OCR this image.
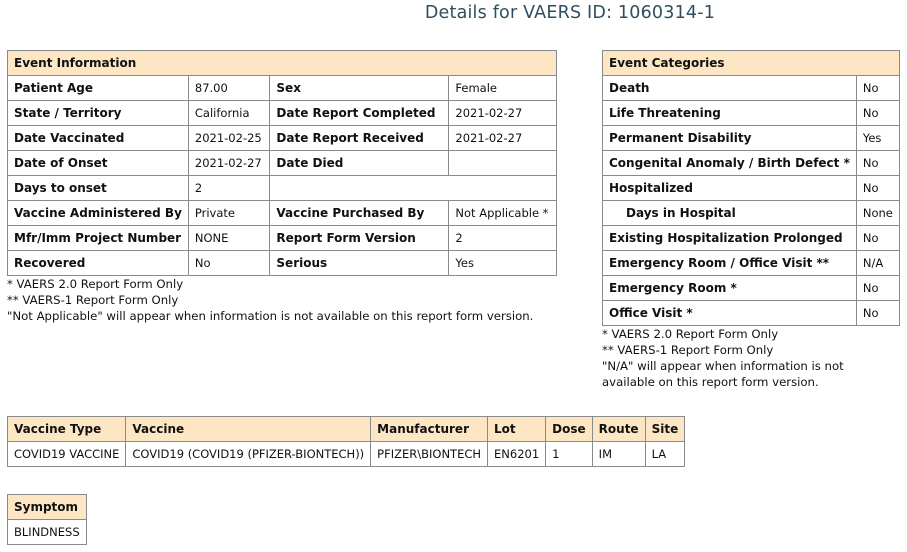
Details for VAERS ID: 1060314-1
Event Information			
Patient Age	87.00	Sex	Female
State / Territory	California	Date Report Completed	2021-02-27
Date Vaccinated	2021-02-25	Date Report Received	2021-02-27
Date of Onset	2021-02-27	Date Died	
Days to onset	2		
Vaccine Administered By	Private	Vaccine Purchased By	Not Applicable *
Mfr/Imm Project Number	NONE	Report Form Version	2
Recovered	No	Serious	Yes
* VAERS 2.0 Report Form Only
** VAERS-1 Report Form Only
"Not Applicable" will appear when information is not available on this report form version.
Event Categories	
Death	No
Life Threatening	No
Permanent Disability	Yes
Congenital Anomaly / Birth Defect *	No
Hospitalized	No
Days in Hospital	None
Existing Hospitalization Prolonged	No
Emergency Room / Office Visit **	N/A
Emergency Room *	No
Office Visit *	No
* VAERS 2.0 Report Form Only
** VAERS-1 Report Form Only
"N/A" will appear when information is not
available on this report form version.
Vaccine Type	Vaccine	Manufacturer	Lot	Dose	Route	Site
COVID19 VACCINE	COVID19 (COVID19 (PFIZER-BIONTECH))	PFIZER\BIONTECH	EN6201	1	IM	LA
Symptom
BLINDNESS
